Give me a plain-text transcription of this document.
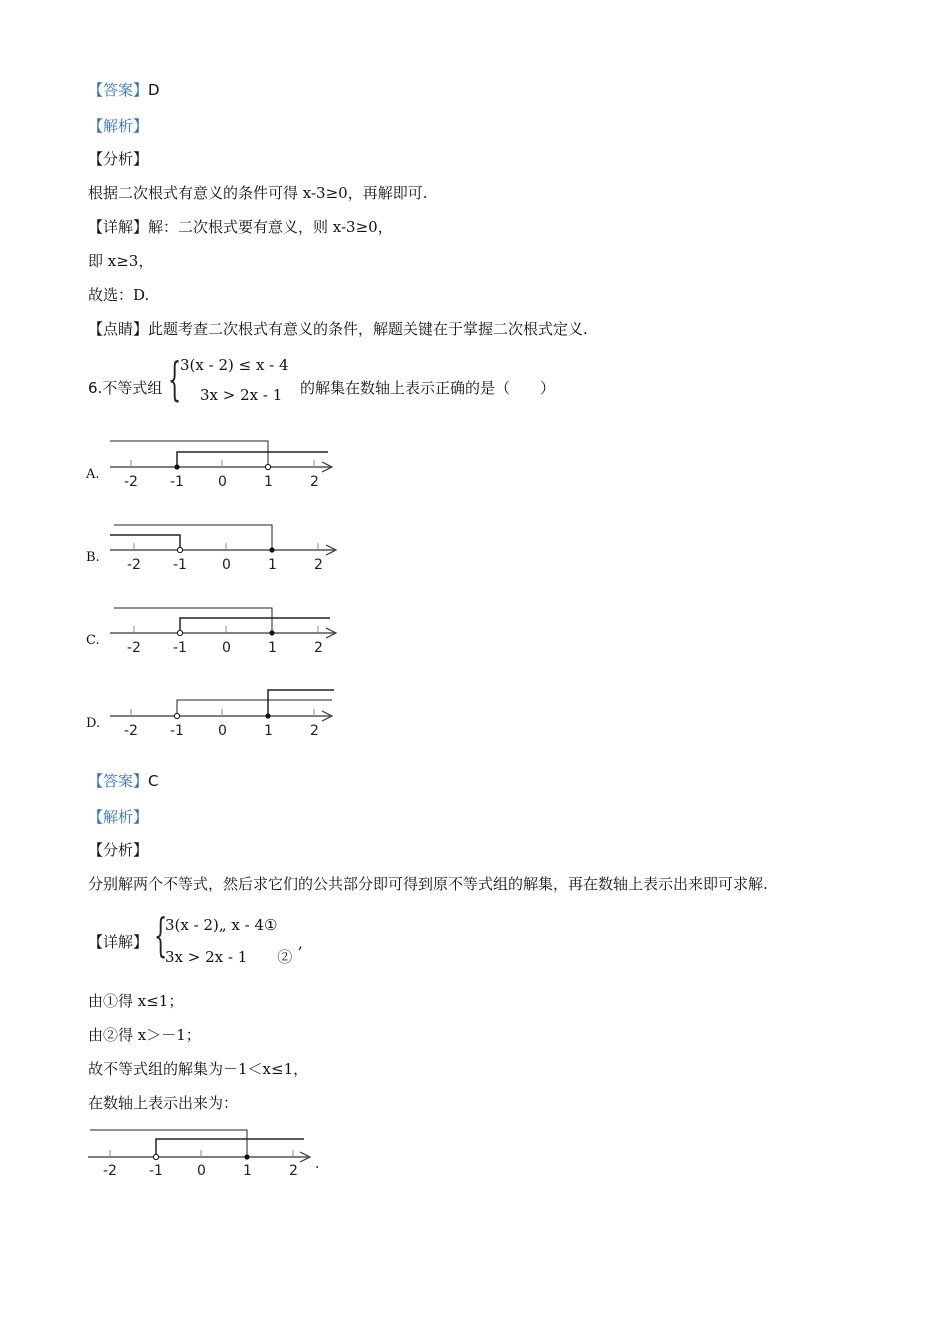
【答案】D
【解析】
【分析】
根据二次根式有意义的条件可得 x-3≥0，再解即可.
【详解】解：二次根式要有意义，则 x-3≥0，
即 x≥3，
故选：D.
【点睛】此题考查二次根式有意义的条件，解题关键在于掌握二次根式定义.
6.不等式组 {
3(x - 2) ≤ x - 4
3x > 2x - 1 的解集在数轴上表示正确的是（　　）
A.
B.
C.
D.
-2 -1 0	1	2
-2 -1	0	1	2
-2 -1	0	1	2
-2 -1 0	1	2
-2 -1 0	1	2 .
【答案】C
【解析】
【分析】
分别解两个不等式，然后求它们的公共部分即可得到原不等式组的解集，再在数轴上表示出来即可求解.
【详解】 {
3(x - 2)„ x - 4①
3x > 2x - 1　　②
,
由①得 x≤1；
由②得 x＞－1；
故不等式组的解集为－1＜x≤1，
在数轴上表示出来为：
